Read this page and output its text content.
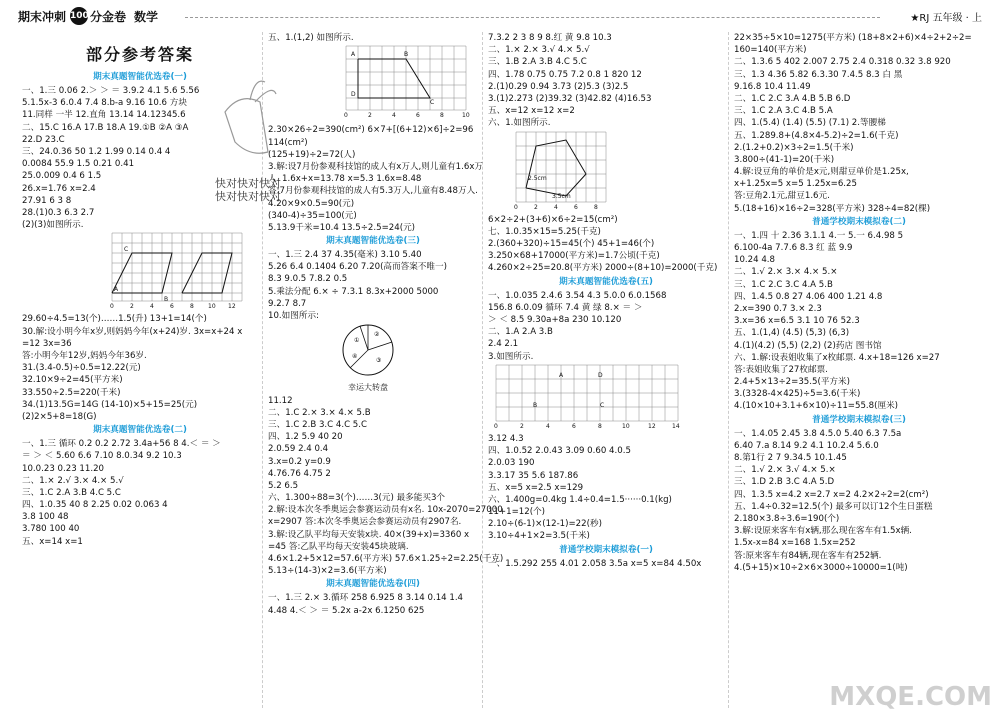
期末冲刺 100 分金卷 数学	★RJ 五年级 · 上
部分参考答案
期末真题智能优选卷(一)
一、1.三 0.06 2.＞ ＞ ＝ 3.9.2 4.1 5.6 5.56
5.1.5x-3 6.0.4 7.4 8.b-a 9.16 10.6 方块
11.同样 一半 12.直角 13.14 14.12345.6
二、15.C 16.A 17.B 18.A 19.①B ②A ③A
22.D 23.C
三、24.0.36 50 1.2 1.99 0.14 0.4 4
0.0084 55.9 1.5 0.21 0.41
25.0.009 0.4 6 1.5
26.x=1.76 x=2.4
27.91 6 3 8
28.(1)0.3 6.3 2.7
(2)(3)如图所示.
C
B
A
0	2	4	6	8 10 12
29.60÷4.5=13(个)……1.5(升) 13+1=14(个)
30.解:设小明今年x岁,则妈妈今年(x+24)岁. 3x=x+24 x
=12 3x=36
答:小明今年12岁,妈妈今年36岁.
31.(3.4-0.5)÷0.5=12.22(元)
32.10×9÷2=45(平方米)
33.550÷2.5=220(千米)
34.(1)13.5G=14G (14-10)×5+15=25(元)
(2)2×5+8=18(G)
期末真题智能优选卷(二)
一、1.三 循环 0.2 0.2 2.72 3.4a+56 8 4.＜ ＝ ＞
＝ ＞ ＜ 5.60 6.6 7.10 8.0.34 9.2 10.3
10.0.23 0.23 11.20
二、1.× 2.√ 3.× 4.× 5.√
三、1.C 2.A 3.B 4.C 5.C
四、1.0.35 40 8 2.25 0.02 0.063 4
3.8 100 48
3.780 100 40
五、x=14 x=1
快对快对快对
快对快对快对
五、1.(1,2) 如图所示.
A	B
C
D
0	2	4	6	8	10
2.30×26÷2=390(cm²) 6×7+[(6+12)×6]÷2=96
114(cm²)
(125+19)÷2=72(人)
3.解:设7月份参观科技馆的成人有x万人,则儿童有1.6x万
人. 1.6x+x=13.78 x=5.3 1.6x=8.48
答:7月份参观科技馆的成人有5.3万人,儿童有8.48万人.
4.20×9×0.5=90(元)
(340-4)÷35=100(元)
5.13.9千米=10.4 13.5÷2.5=24(元)
期末真题智能优选卷(三)
一、1.三 2.4 37 4.35(毫米) 3.10 5.40
5.26 6.4 0.1404 6.20 7.20(高而答案不唯一)
8.3 9.0.5 7.8.2 0.5
5.乘法分配 6.× ÷ 7.3.1 8.3x+2000 5000
9.2.7 8.7
10.如图所示:
①
②
③
④
幸运大转盘
11.12
二、1.C 2.× 3.× 4.× 5.B
三、1.C 2.B 3.C 4.C 5.C
四、1.2 5.9 40 20
2.0.59 2.4 0.4
3.x=0.2 y=0.9
4.76.76 4.75 2
5.2 6.5
六、1.300÷88=3(个)……3(元) 最多能买3个
2.解:设本次冬季奥运会参赛运动员有x名. 10x-2070=27000
x=2907 答:本次冬季奥运会参赛运动员有2907名.
3.解:设乙队平均每天安装x块. 40×(39+x)=3360 x
=45 答:乙队平均每天安装45块玻璃.
4.6×1.2+5×12=57.6(平方米) 57.6×1.25÷2=2.25(千克)
5.13÷(14-3)×2=3.6(平方米)
期末真题智能优选卷(四)
一、1.三 2.× 3.循环 258 6.925 8 3.14 0.14 1.4
4.48 4.＜ ＞ ＝ 5.2x a-2x 6.1250 625
7.3.2 2 3 8 9 8.红 黄 9.8 10.3
二、1.× 2.× 3.√ 4.× 5.√
三、1.B 2.A 3.B 4.C 5.C
四、1.78 0.75 0.75 7.2 0.8 1 820 12
2.(1)0.29 0.94 3.73 (2)5.3 (3)2.5
3.(1)2.273 (2)39.32 (3)42.82 (4)16.53
五、x=12 x=12 x=2
六、1.如图所示.
2.5cm
3.5cm
0	2	4	6	8
6×2÷2+(3+6)×6÷2=15(cm²)
七、1.0.35×15=5.25(千克)
2.(360+320)÷15=45(个) 45+1=46(个)
3.250×68+17000(平方米)=1.7公顷(千克)
4.260×2÷25=20.8(平方米) 2000÷(8+10)=2000(千克)
期末真题智能优选卷(五)
一、1.0.035 2.4.6 3.54 4.3 5.0.0 6.0.1568
156.8 6.0.09 循环 7.4 黄 绿 8.× ＝ ＞
＞ ＜ 8.5 9.30a+8a 230 10.120
二、1.A 2.A 3.B
2.4 2.1
3.如图所示.
A
B	C
D
0	2	4	6	8	10	12	14
3.12 4.3
四、1.0.52 2.0.43 3.09 0.60 4.0.5
2.0.03 190
3.3.17 35 5.6 187.86
五、x=5 x=2.5 x=129
六、1.400g=0.4kg 1.4÷0.4=1.5······0.1(kg)
11+1=12(个)
2.10÷(6-1)×(12-1)=22(秒)
3.10÷4+1×2=3.5(千米)
普通学校期末模拟卷(一)
一、1.5.292 255 4.01 2.058 3.5a x=5 x=84 4.50x
22×35÷5×10=1275(平方米) (18+8×2+6)×4÷2+2÷2=
160=140(平方米)
二、1.3.6 5 402 2.007 2.75 2.4 0.318 0.32 3.8 920
三、1.3 4.36 5.82 6.3.30 7.4.5 8.3 白 黑
9.16.8 10.4 11.49
二、1.C 2.C 3.A 4.B 5.B 6.D
三、1.C 2.A 3.C 4.B 5.A
四、1.(5.4) (1.4) (5.5) (7.1) 2.等腰梯
五、1.289.8+(4.8×4-5.2)÷2=1.6(千克)
2.(1.2+0.2)×3÷2=1.5(千米)
3.800÷(41-1)=20(千米)
4.解:设豆角的单价是x元,则甜豆单价是1.25x,
x+1.25x=5 x=5 1.25x=6.25
答:豆角2.1元,甜豆1.6元.
5.(18+16)×16÷2=328(平方米) 328÷4=82(棵)
普通学校期末模拟卷(二)
一、1.四 十 2.36 3.1.1 4.一 5.一 6.4.98 5
6.100-4a 7.7.6 8.3 红 蓝 9.9
10.24 4.8
二、1.√ 2.× 3.× 4.× 5.×
三、1.C 2.C 3.C 4.A 5.B
四、1.4.5 0.8 27 4.06 400 1.21 4.8
2.x=390 0.7 3.× 2.3
3.x=36 x=6.5 3.1 10 76 52.3
五、1.(1,4) (4.5) (5,3) (6,3)
4.(1)(4.2) (5,5) (2,2) (2)药店 图书馆
六、1.解:设表姐收集了x枚邮票. 4.x+18=126 x=27
答:表姐收集了27枚邮票.
2.4+5×13÷2=35.5(平方米)
3.(3328-4×425)÷5=3.6(千米)
4.(10×10+3.1+6×10)÷11=55.8(厘米)
普通学校期末模拟卷(三)
一、1.4.05 2.45 3.8 4.5.0 5.40 6.3 7.5a
6.40 7.a 8.14 9.2 4.1 10.2.4 5.6.0
8.第1行 2 7 9.34.5 10.1.45
二、1.√ 2.× 3.√ 4.× 5.×
三、1.D 2.B 3.C 4.A 5.D
四、1.3.5 x=4.2 x=2.7 x=2 4.2×2÷2=2(cm²)
五、1.4÷0.32=12.5(个) 最多可以订12个生日蛋糕
2.180×3.8÷3.6=190(个)
3.解:设原来客车有x辆,那么现在客车有1.5x辆.
1.5x-x=84 x=168 1.5x=252
答:原来客车有84辆,现在客车有252辆.
4.(5+15)×10÷2×6×3000÷10000=1(吨)
MXQE.COM
